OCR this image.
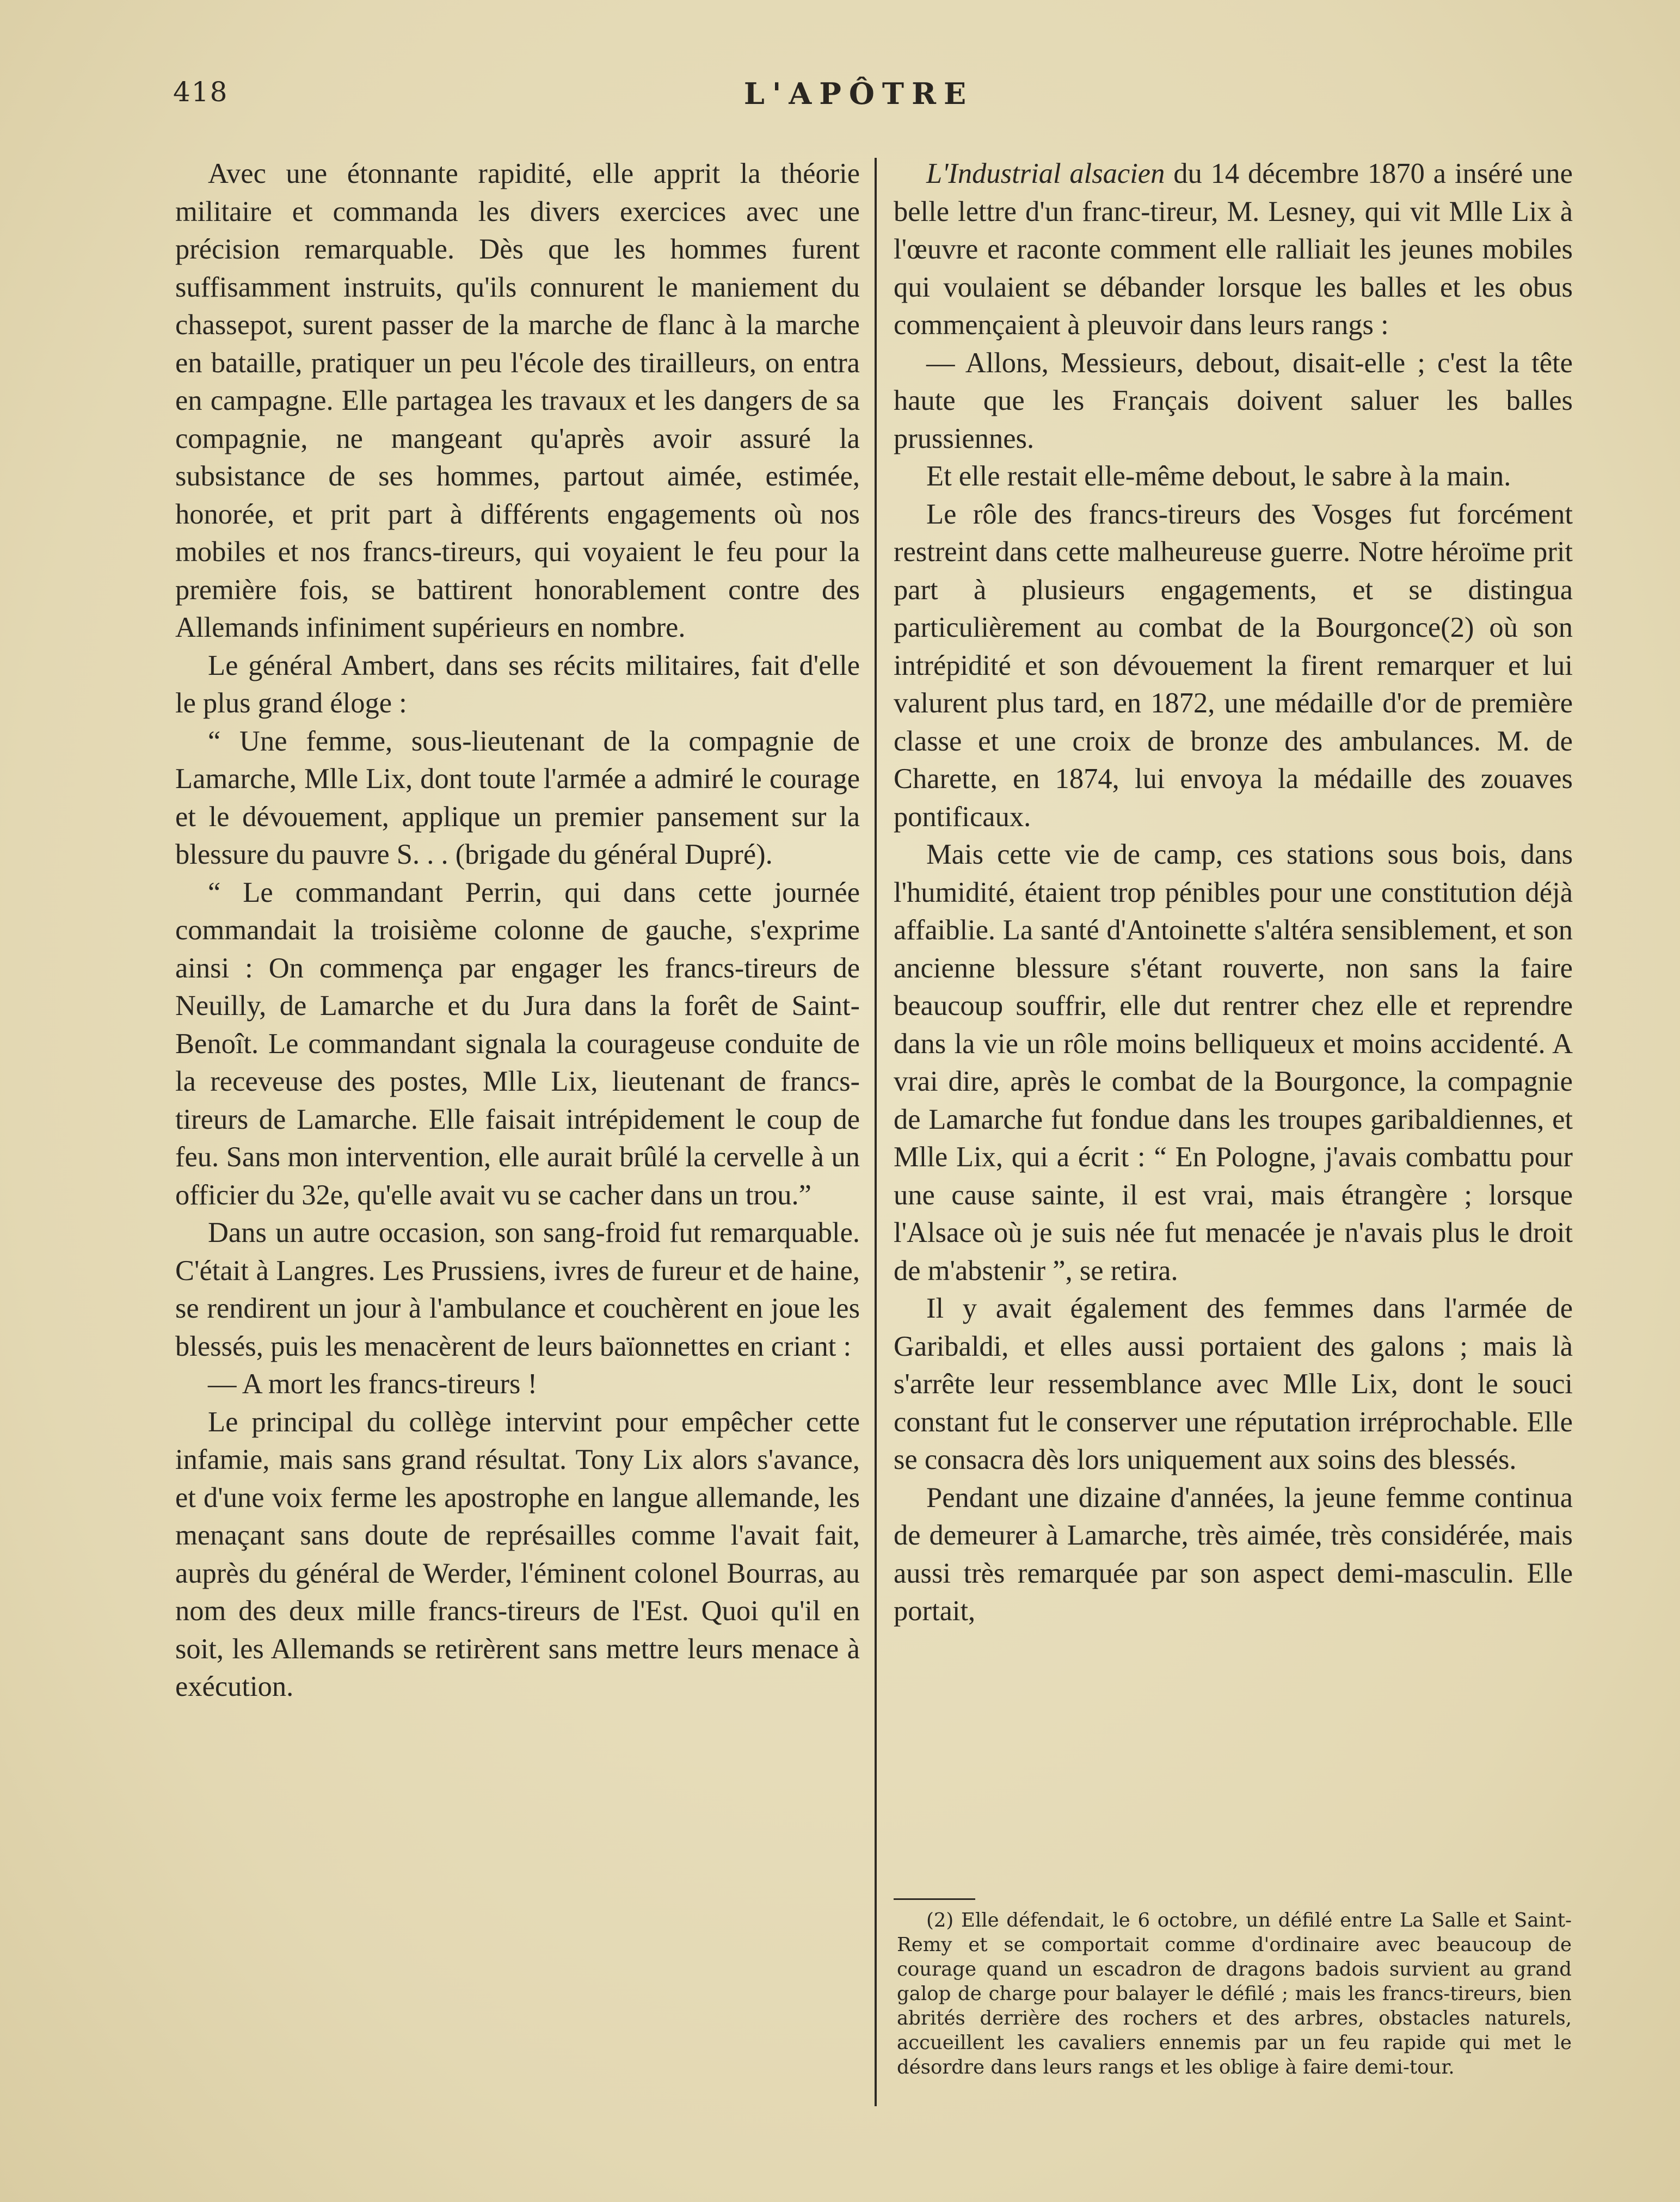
418	L'APÔTRE

Avec une étonnante rapidité, elle apprit la théorie militaire et commanda les divers exercices avec une précision remarquable. Dès que les hommes furent suffisamment instruits, qu'ils connurent le maniement du chassepot, surent passer de la marche de flanc à la marche en bataille, pratiquer un peu l'école des tirailleurs, on entra en campagne. Elle partagea les travaux et les dangers de sa compagnie, ne mangeant qu'après avoir assuré la subsistance de ses hommes, partout aimée, estimée, honorée, et prit part à différents engagements où nos mobiles et nos francs-tireurs, qui voyaient le feu pour la première fois, se battirent honorablement contre des Allemands infiniment supérieurs en nombre.

Le général Ambert, dans ses récits militaires, fait d'elle le plus grand éloge :

“ Une femme, sous-lieutenant de la compagnie de Lamarche, Mlle Lix, dont toute l'armée a admiré le courage et le dévouement, applique un premier pansement sur la blessure du pauvre S. . . (brigade du général Dupré).

“ Le commandant Perrin, qui dans cette journée commandait la troisième colonne de gauche, s'exprime ainsi : On commença par engager les francs-tireurs de Neuilly, de Lamarche et du Jura dans la forêt de Saint-Benoît. Le commandant signala la courageuse conduite de la receveuse des postes, Mlle Lix, lieutenant de francs-tireurs de Lamarche. Elle faisait intrépidement le coup de feu. Sans mon intervention, elle aurait brûlé la cervelle à un officier du 32e, qu'elle avait vu se cacher dans un trou.”

Dans un autre occasion, son sang-froid fut remarquable. C'était à Langres. Les Prussiens, ivres de fureur et de haine, se rendirent un jour à l'ambulance et couchèrent en joue les blessés, puis les menacèrent de leurs baïonnettes en criant :

— A mort les francs-tireurs !

Le principal du collège intervint pour empêcher cette infamie, mais sans grand résultat. Tony Lix alors s'avance, et d'une voix ferme les apostrophe en langue allemande, les menaçant sans doute de représailles comme l'avait fait, auprès du général de Werder, l'éminent colonel Bourras, au nom des deux mille francs-tireurs de l'Est. Quoi qu'il en soit, les Allemands se retirèrent sans mettre leurs menace à exécution.

L'Industrial alsacien du 14 décembre 1870 a inséré une belle lettre d'un franc-tireur, M. Lesney, qui vit Mlle Lix à l'œuvre et raconte comment elle ralliait les jeunes mobiles qui voulaient se débander lorsque les balles et les obus commençaient à pleuvoir dans leurs rangs :

— Allons, Messieurs, debout, disait-elle ; c'est la tête haute que les Français doivent saluer les balles prussiennes.

Et elle restait elle-même debout, le sabre à la main.

Le rôle des francs-tireurs des Vosges fut forcément restreint dans cette malheureuse guerre. Notre héroïme prit part à plusieurs engagements, et se distingua particulièrement au combat de la Bourgonce(2) où son intrépidité et son dévouement la firent remarquer et lui valurent plus tard, en 1872, une médaille d'or de première classe et une croix de bronze des ambulances. M. de Charette, en 1874, lui envoya la médaille des zouaves pontificaux.

Mais cette vie de camp, ces stations sous bois, dans l'humidité, étaient trop pénibles pour une constitution déjà affaiblie. La santé d'Antoinette s'altéra sensiblement, et son ancienne blessure s'étant rouverte, non sans la faire beaucoup souffrir, elle dut rentrer chez elle et reprendre dans la vie un rôle moins belliqueux et moins accidenté. A vrai dire, après le combat de la Bourgonce, la compagnie de Lamarche fut fondue dans les troupes garibaldiennes, et Mlle Lix, qui a écrit : “ En Pologne, j'avais combattu pour une cause sainte, il est vrai, mais étrangère ; lorsque l'Alsace où je suis née fut menacée je n'avais plus le droit de m'abstenir ”, se retira.

Il y avait également des femmes dans l'armée de Garibaldi, et elles aussi portaient des galons ; mais là s'arrête leur ressemblance avec Mlle Lix, dont le souci constant fut le conserver une réputation irréprochable. Elle se consacra dès lors uniquement aux soins des blessés.

Pendant une dizaine d'années, la jeune femme continua de demeurer à Lamarche, très aimée, très considérée, mais aussi très remarquée par son aspect demi-masculin. Elle portait,

(2) Elle défendait, le 6 octobre, un défilé entre La Salle et Saint-Remy et se comportait comme d'ordinaire avec beaucoup de courage quand un escadron de dragons badois survient au grand galop de charge pour balayer le défilé ; mais les francs-tireurs, bien abrités derrière des rochers et des arbres, obstacles naturels, accueillent les cavaliers ennemis par un feu rapide qui met le désordre dans leurs rangs et les oblige à faire demi-tour.
